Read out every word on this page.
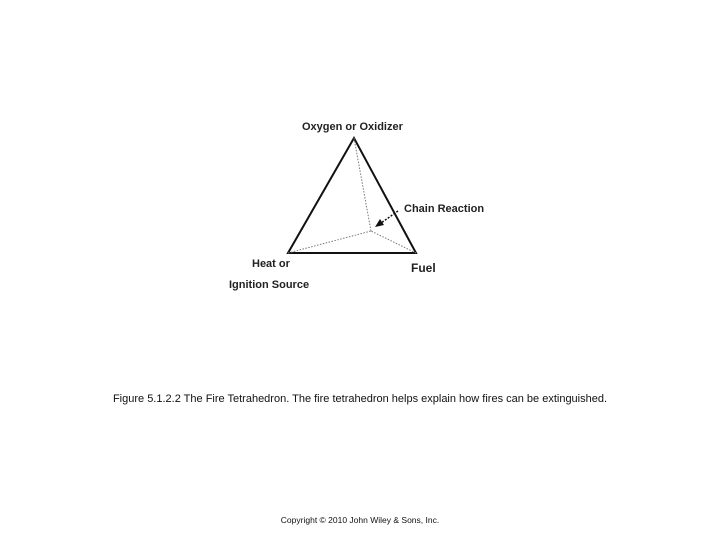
Oxygen or Oxidizer
Chain Reaction
Heat or
Ignition Source
Fuel
Figure 5.1.2.2 The Fire Tetrahedron. The fire tetrahedron helps explain how fires can be extinguished.
Copyright © 2010 John Wiley & Sons, Inc.
